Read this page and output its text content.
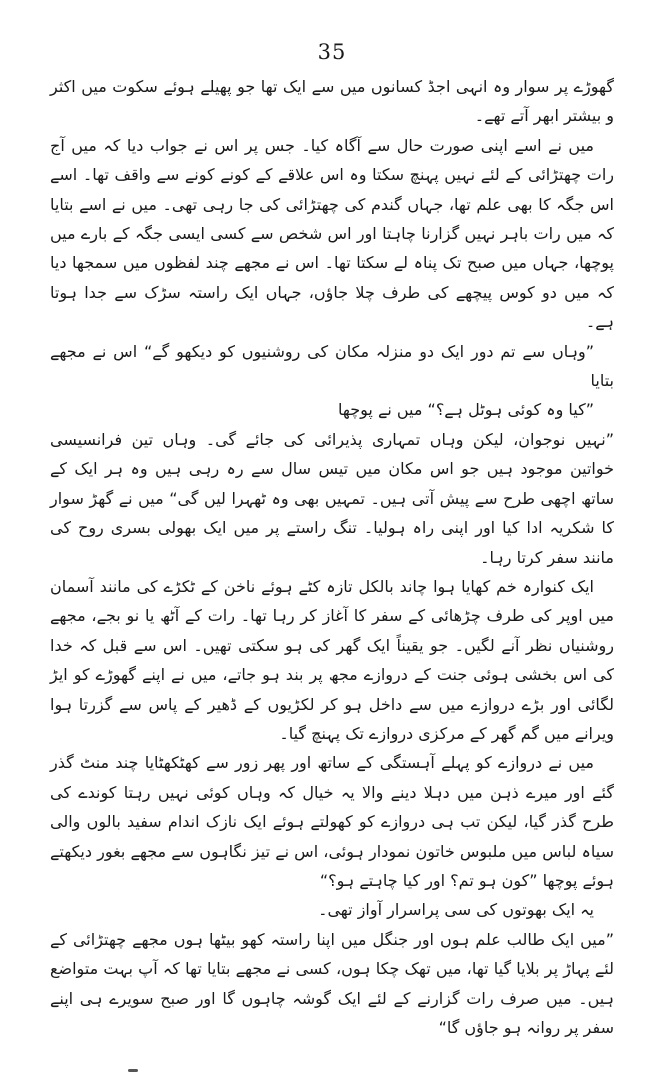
35

گھوڑے پر سوار وہ انہی اجڈ کسانوں میں سے ایک تھا جو پھیلے ہوئے سکوت میں اکثر و بیشتر ابھر آتے تھے۔

میں نے اسے اپنی صورت حال سے آگاہ کیا۔ جس پر اس نے جواب دیا کہ میں آج رات چھتڑائی کے لئے نہیں پہنچ سکتا وہ اس علاقے کے کونے کونے سے واقف تھا۔ اسے اس جگہ کا بھی علم تھا، جہاں گندم کی چھتڑائی کی جا رہی تھی۔ میں نے اسے بتایا کہ میں رات باہر نہیں گزارنا چاہتا اور اس شخص سے کسی ایسی جگہ کے بارے میں پوچھا، جہاں میں صبح تک پناہ لے سکتا تھا۔ اس نے مجھے چند لفظوں میں سمجھا دیا کہ میں دو کوس پیچھے کی طرف چلا جاؤں، جہاں ایک راستہ سڑک سے جدا ہوتا ہے۔

”وہاں سے تم دور ایک دو منزلہ مکان کی روشنیوں کو دیکھو گے“ اس نے مجھے بتایا

”کیا وہ کوئی ہوٹل ہے؟“ میں نے پوچھا

”نہیں نوجوان، لیکن وہاں تمہاری پذیرائی کی جائے گی۔ وہاں تین فرانسیسی خواتین موجود ہیں جو اس مکان میں تیس سال سے رہ رہی ہیں وہ ہر ایک کے ساتھ اچھی طرح سے پیش آتی ہیں۔ تمہیں بھی وہ ٹھہرا لیں گی“ میں نے گھڑ سوار کا شکریہ ادا کیا اور اپنی راہ ہولیا۔ تنگ راستے پر میں ایک بھولی بسری روح کی مانند سفر کرتا رہا۔

ایک کنوارہ خم کھایا ہوا چاند بالکل تازہ کٹے ہوئے ناخن کے ٹکڑے کی مانند آسمان میں اوپر کی طرف چڑھائی کے سفر کا آغاز کر رہا تھا۔ رات کے آٹھ یا نو بجے، مجھے روشنیاں نظر آنے لگیں۔ جو یقیناً ایک گھر کی ہو سکتی تھیں۔ اس سے قبل کہ خدا کی اس بخشی ہوئی جنت کے دروازے مجھ پر بند ہو جاتے، میں نے اپنے گھوڑے کو ایڑ لگائی اور بڑے دروازے میں سے داخل ہو کر لکڑیوں کے ڈھیر کے پاس سے گزرتا ہوا ویرانے میں گم گھر کے مرکزی دروازے تک پہنچ گیا۔

میں نے دروازے کو پہلے آہستگی کے ساتھ اور پھر زور سے کھٹکھٹایا چند منٹ گذر گئے اور میرے ذہن میں دہلا دینے والا یہ خیال کہ وہاں کوئی نہیں رہتا کوندے کی طرح گذر گیا، لیکن تب ہی دروازے کو کھولتے ہوئے ایک نازک اندام سفید بالوں والی سیاہ لباس میں ملبوس خاتون نمودار ہوئی، اس نے تیز نگاہوں سے مجھے بغور دیکھتے ہوئے پوچھا ”کون ہو تم؟ اور کیا چاہتے ہو؟“

یہ ایک بھوتوں کی سی پراسرار آواز تھی۔

”میں ایک طالب علم ہوں اور جنگل میں اپنا راستہ کھو بیٹھا ہوں مجھے چھتڑائی کے لئے پہاڑ پر بلایا گیا تھا، میں تھک چکا ہوں، کسی نے مجھے بتایا تھا کہ آپ بہت متواضع ہیں۔ میں صرف رات گزارنے کے لئے ایک گوشہ چاہوں گا اور صبح سویرے ہی اپنے سفر پر روانہ ہو جاؤں گا“
